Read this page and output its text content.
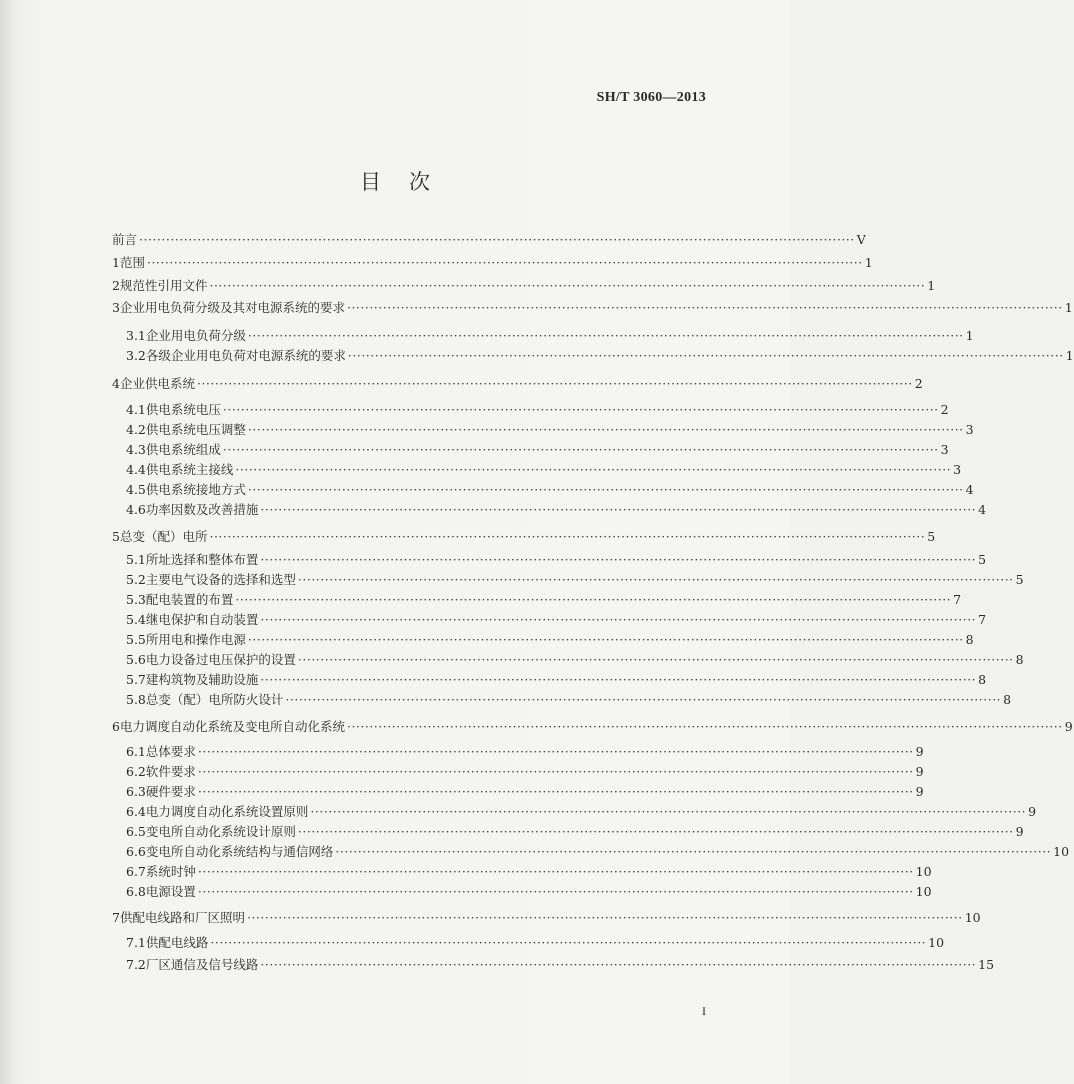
SH/T 3060—2013
目次
前言 ································································································································································ V
1 范围 ································································································································································ 1
2 规范性引用文件 ································································································································································ 1
3 企业用电负荷分级及其对电源系统的要求 ································································································································································ 1
3.1 企业用电负荷分级 ································································································································································ 1
3.2 各级企业用电负荷对电源系统的要求 ································································································································································ 1
4 企业供电系统 ································································································································································ 2
4.1 供电系统电压 ································································································································································ 2
4.2 供电系统电压调整 ································································································································································ 3
4.3 供电系统组成 ································································································································································ 3
4.4 供电系统主接线 ································································································································································ 3
4.5 供电系统接地方式 ································································································································································ 4
4.6 功率因数及改善措施 ································································································································································ 4
5 总变（配）电所 ································································································································································ 5
5.1 所址选择和整体布置 ································································································································································ 5
5.2 主要电气设备的选择和选型 ································································································································································ 5
5.3 配电装置的布置 ································································································································································ 7
5.4 继电保护和自动装置 ································································································································································ 7
5.5 所用电和操作电源 ································································································································································ 8
5.6 电力设备过电压保护的设置 ································································································································································ 8
5.7 建构筑物及辅助设施 ································································································································································ 8
5.8 总变（配）电所防火设计 ································································································································································ 8
6 电力调度自动化系统及变电所自动化系统 ································································································································································ 9
6.1 总体要求 ································································································································································ 9
6.2 软件要求 ································································································································································ 9
6.3 硬件要求 ································································································································································ 9
6.4 电力调度自动化系统设置原则 ································································································································································ 9
6.5 变电所自动化系统设计原则 ································································································································································ 9
6.6 变电所自动化系统结构与通信网络 ································································································································································ 10
6.7 系统时钟 ································································································································································ 10
6.8 电源设置 ································································································································································ 10
7 供配电线路和厂区照明 ································································································································································ 10
7.1 供配电线路 ································································································································································ 10
7.2 厂区通信及信号线路 ································································································································································ 15
I
